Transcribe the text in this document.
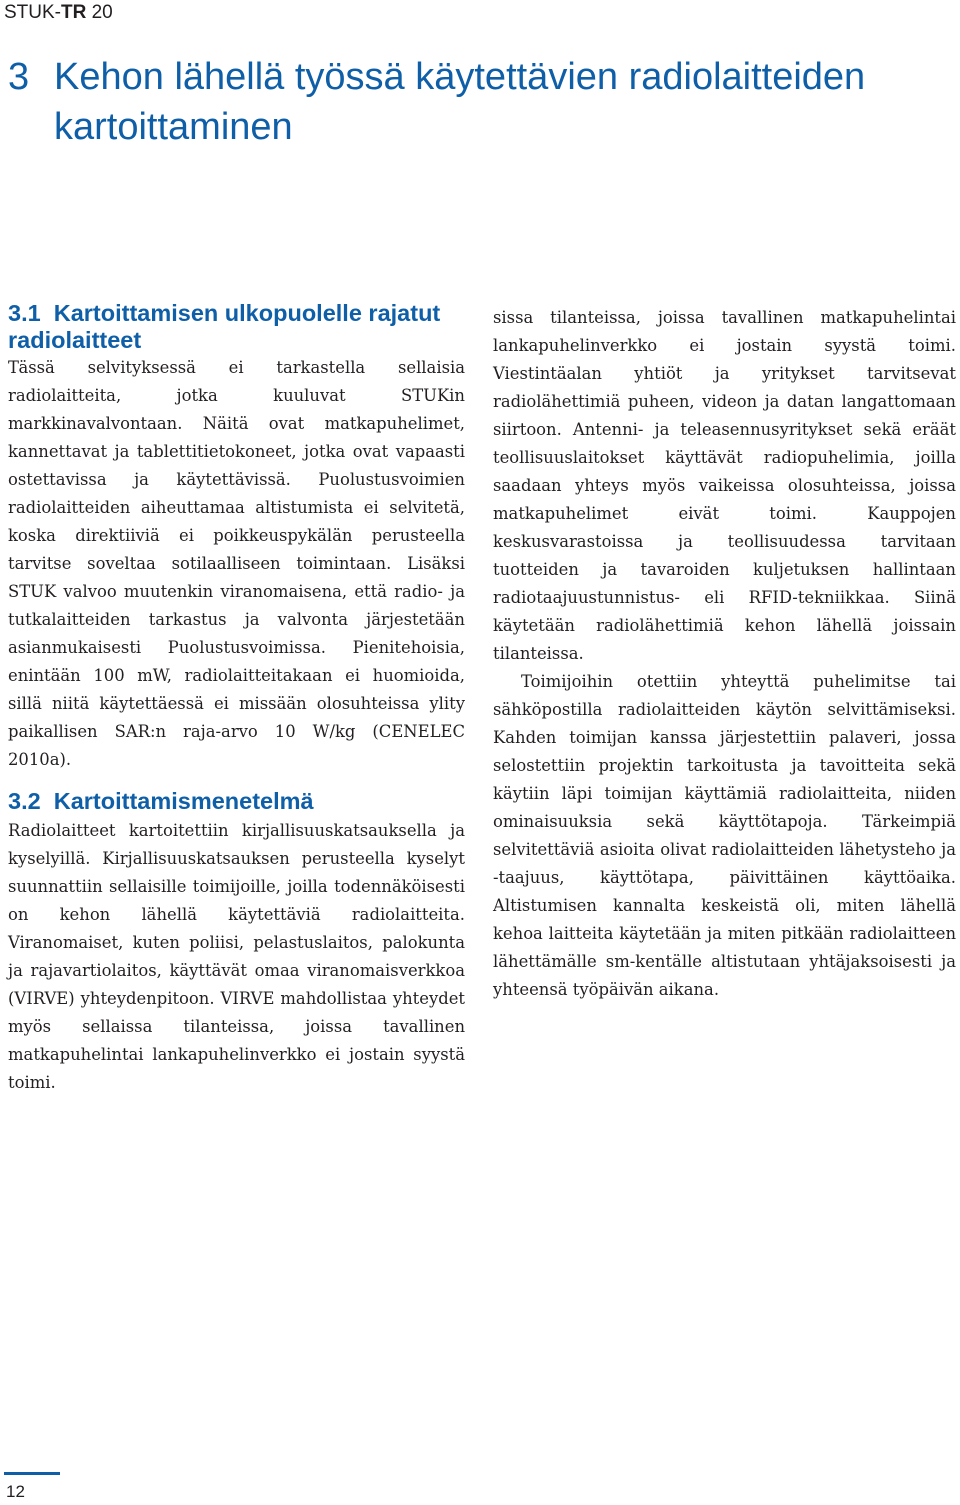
STUK-TR 20
3 Kehon lähellä työssä käytettävien radiolaitteiden kartoittaminen
3.1 Kartoittamisen ulkopuolelle rajatut radiolaitteet

Tässä selvityksessä ei tarkastella sellaisia radiolaitteita, jotka kuuluvat STUKin markkinavalvontaan. Näitä ovat matkapuhelimet, kannettavat ja tablettitietokoneet, jotka ovat vapaasti ostettavissa ja käytettävissä. Puolustusvoimien radiolaitteiden aiheuttamaa altistumista ei selvitetä, koska direktiiviä ei poikkeuspykälän perusteella tarvitse soveltaa sotilaalliseen toimintaan. Lisäksi STUK valvoo muutenkin viranomaisena, että radio- ja tutkalaitteiden tarkastus ja valvonta järjestetään asianmukaisesti Puolustusvoimissa. Pienitehoisia, enintään 100 mW, radiolaitteitakaan ei huomioida, sillä niitä käytettäessä ei missään olosuhteissa ylity paikallisen SAR:n raja-arvo 10 W/kg (CENELEC 2010a).

3.2 Kartoittamismenetelmä

Radiolaitteet kartoitettiin kirjallisuuskatsauksella ja kyselyillä. Kirjallisuuskatsauksen perusteella kyselyt suunnattiin sellaisille toimijoille, joilla todennäköisesti on kehon lähellä käytettäviä radiolaitteita. Viranomaiset, kuten poliisi, pelastuslaitos, palokunta ja rajavartiolaitos, käyttävät omaa viranomaisverkkoa (VIRVE) yhteydenpitoon. VIRVE mahdollistaa yhteydet myös sellaissa tilanteissa, joissa tavallinen matkapuhelintai lankapuhelinverkko ei jostain syystä toimi.

sissa tilanteissa, joissa tavallinen matkapuhelintai lankapuhelinverkko ei jostain syystä toimi. Viestintäalan yhtiöt ja yritykset tarvitsevat radiolähettimiä puheen, videon ja datan langattomaan siirtoon. Antenni- ja teleasennusyritykset sekä eräät teollisuuslaitokset käyttävät radiopuhelimia, joilla saadaan yhteys myös vaikeissa olosuhteissa, joissa matkapuhelimet eivät toimi. Kauppojen keskusvarastoissa ja teollisuudessa tarvitaan tuotteiden ja tavaroiden kuljetuksen hallintaan radiotaajuustunnistus- eli RFID-tekniikkaa. Siinä käytetään radiolähettimiä kehon lähellä joissain tilanteissa.

Toimijoihin otettiin yhteyttä puhelimitse tai sähköpostilla radiolaitteiden käytön selvittämiseksi. Kahden toimijan kanssa järjestettiin palaveri, jossa selostettiin projektin tarkoitusta ja tavoitteita sekä käytiin läpi toimijan käyttämiä radiolaitteita, niiden ominaisuuksia sekä käyttötapoja. Tärkeimpiä selvitettäviä asioita olivat radiolaitteiden lähetysteho ja -taajuus, käyttötapa, päivittäinen käyttöaika. Altistumisen kannalta keskeistä oli, miten lähellä kehoa laitteita käytetään ja miten pitkään radiolaitteen lähettämälle sm-kentälle altistutaan yhtäjaksoisesti ja yhteensä työpäivän aikana.

12
